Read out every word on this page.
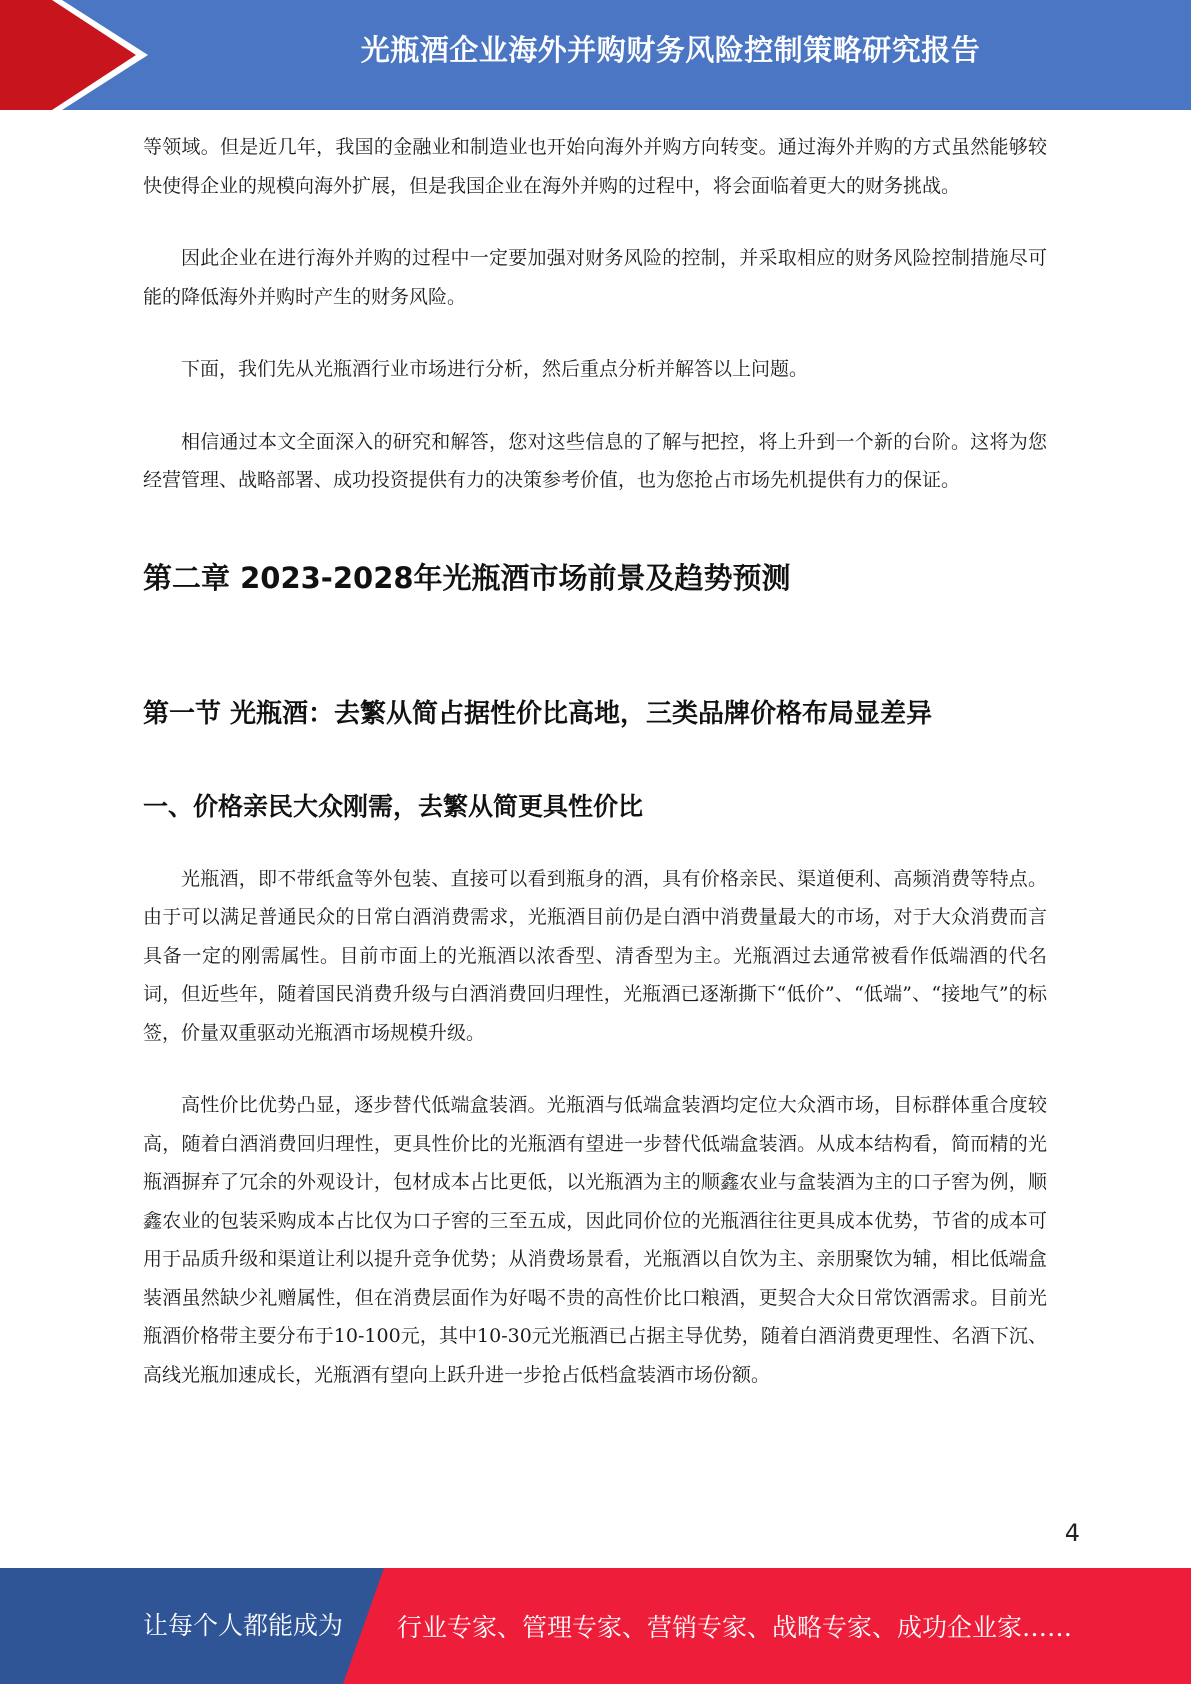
光瓶酒企业海外并购财务风险控制策略研究报告

等领域。但是近几年，我国的金融业和制造业也开始向海外并购方向转变。通过海外并购的方式虽然能够较快使得企业的规模向海外扩展，但是我国企业在海外并购的过程中，将会面临着更大的财务挑战。

因此企业在进行海外并购的过程中一定要加强对财务风险的控制，并采取相应的财务风险控制措施尽可能的降低海外并购时产生的财务风险。

下面，我们先从光瓶酒行业市场进行分析，然后重点分析并解答以上问题。

相信通过本文全面深入的研究和解答，您对这些信息的了解与把控，将上升到一个新的台阶。这将为您经营管理、战略部署、成功投资提供有力的决策参考价值，也为您抢占市场先机提供有力的保证。

第二章 2023-2028年光瓶酒市场前景及趋势预测
第一节 光瓶酒：去繁从简占据性价比高地，三类品牌价格布局显差异
一、价格亲民大众刚需，去繁从简更具性价比

光瓶酒，即不带纸盒等外包装、直接可以看到瓶身的酒，具有价格亲民、渠道便利、高频消费等特点。由于可以满足普通民众的日常白酒消费需求，光瓶酒目前仍是白酒中消费量最大的市场，对于大众消费而言具备一定的刚需属性。目前市面上的光瓶酒以浓香型、清香型为主。光瓶酒过去通常被看作低端酒的代名词，但近些年，随着国民消费升级与白酒消费回归理性，光瓶酒已逐渐撕下“低价”、“低端”、“接地气”的标签，价量双重驱动光瓶酒市场规模升级。

高性价比优势凸显，逐步替代低端盒装酒。光瓶酒与低端盒装酒均定位大众酒市场，目标群体重合度较高，随着白酒消费回归理性，更具性价比的光瓶酒有望进一步替代低端盒装酒。从成本结构看，简而精的光瓶酒摒弃了冗余的外观设计，包材成本占比更低，以光瓶酒为主的顺鑫农业与盒装酒为主的口子窖为例，顺鑫农业的包装采购成本占比仅为口子窖的三至五成，因此同价位的光瓶酒往往更具成本优势，节省的成本可用于品质升级和渠道让利以提升竞争优势；从消费场景看，光瓶酒以自饮为主、亲朋聚饮为辅，相比低端盒装酒虽然缺少礼赠属性，但在消费层面作为好喝不贵的高性价比口粮酒，更契合大众日常饮酒需求。目前光瓶酒价格带主要分布于10-100元，其中10-30元光瓶酒已占据主导优势，随着白酒消费更理性、名酒下沉、高线光瓶加速成长，光瓶酒有望向上跃升进一步抢占低档盒装酒市场份额。

4
让每个人都能成为 行业专家、管理专家、营销专家、战略专家、成功企业家……
